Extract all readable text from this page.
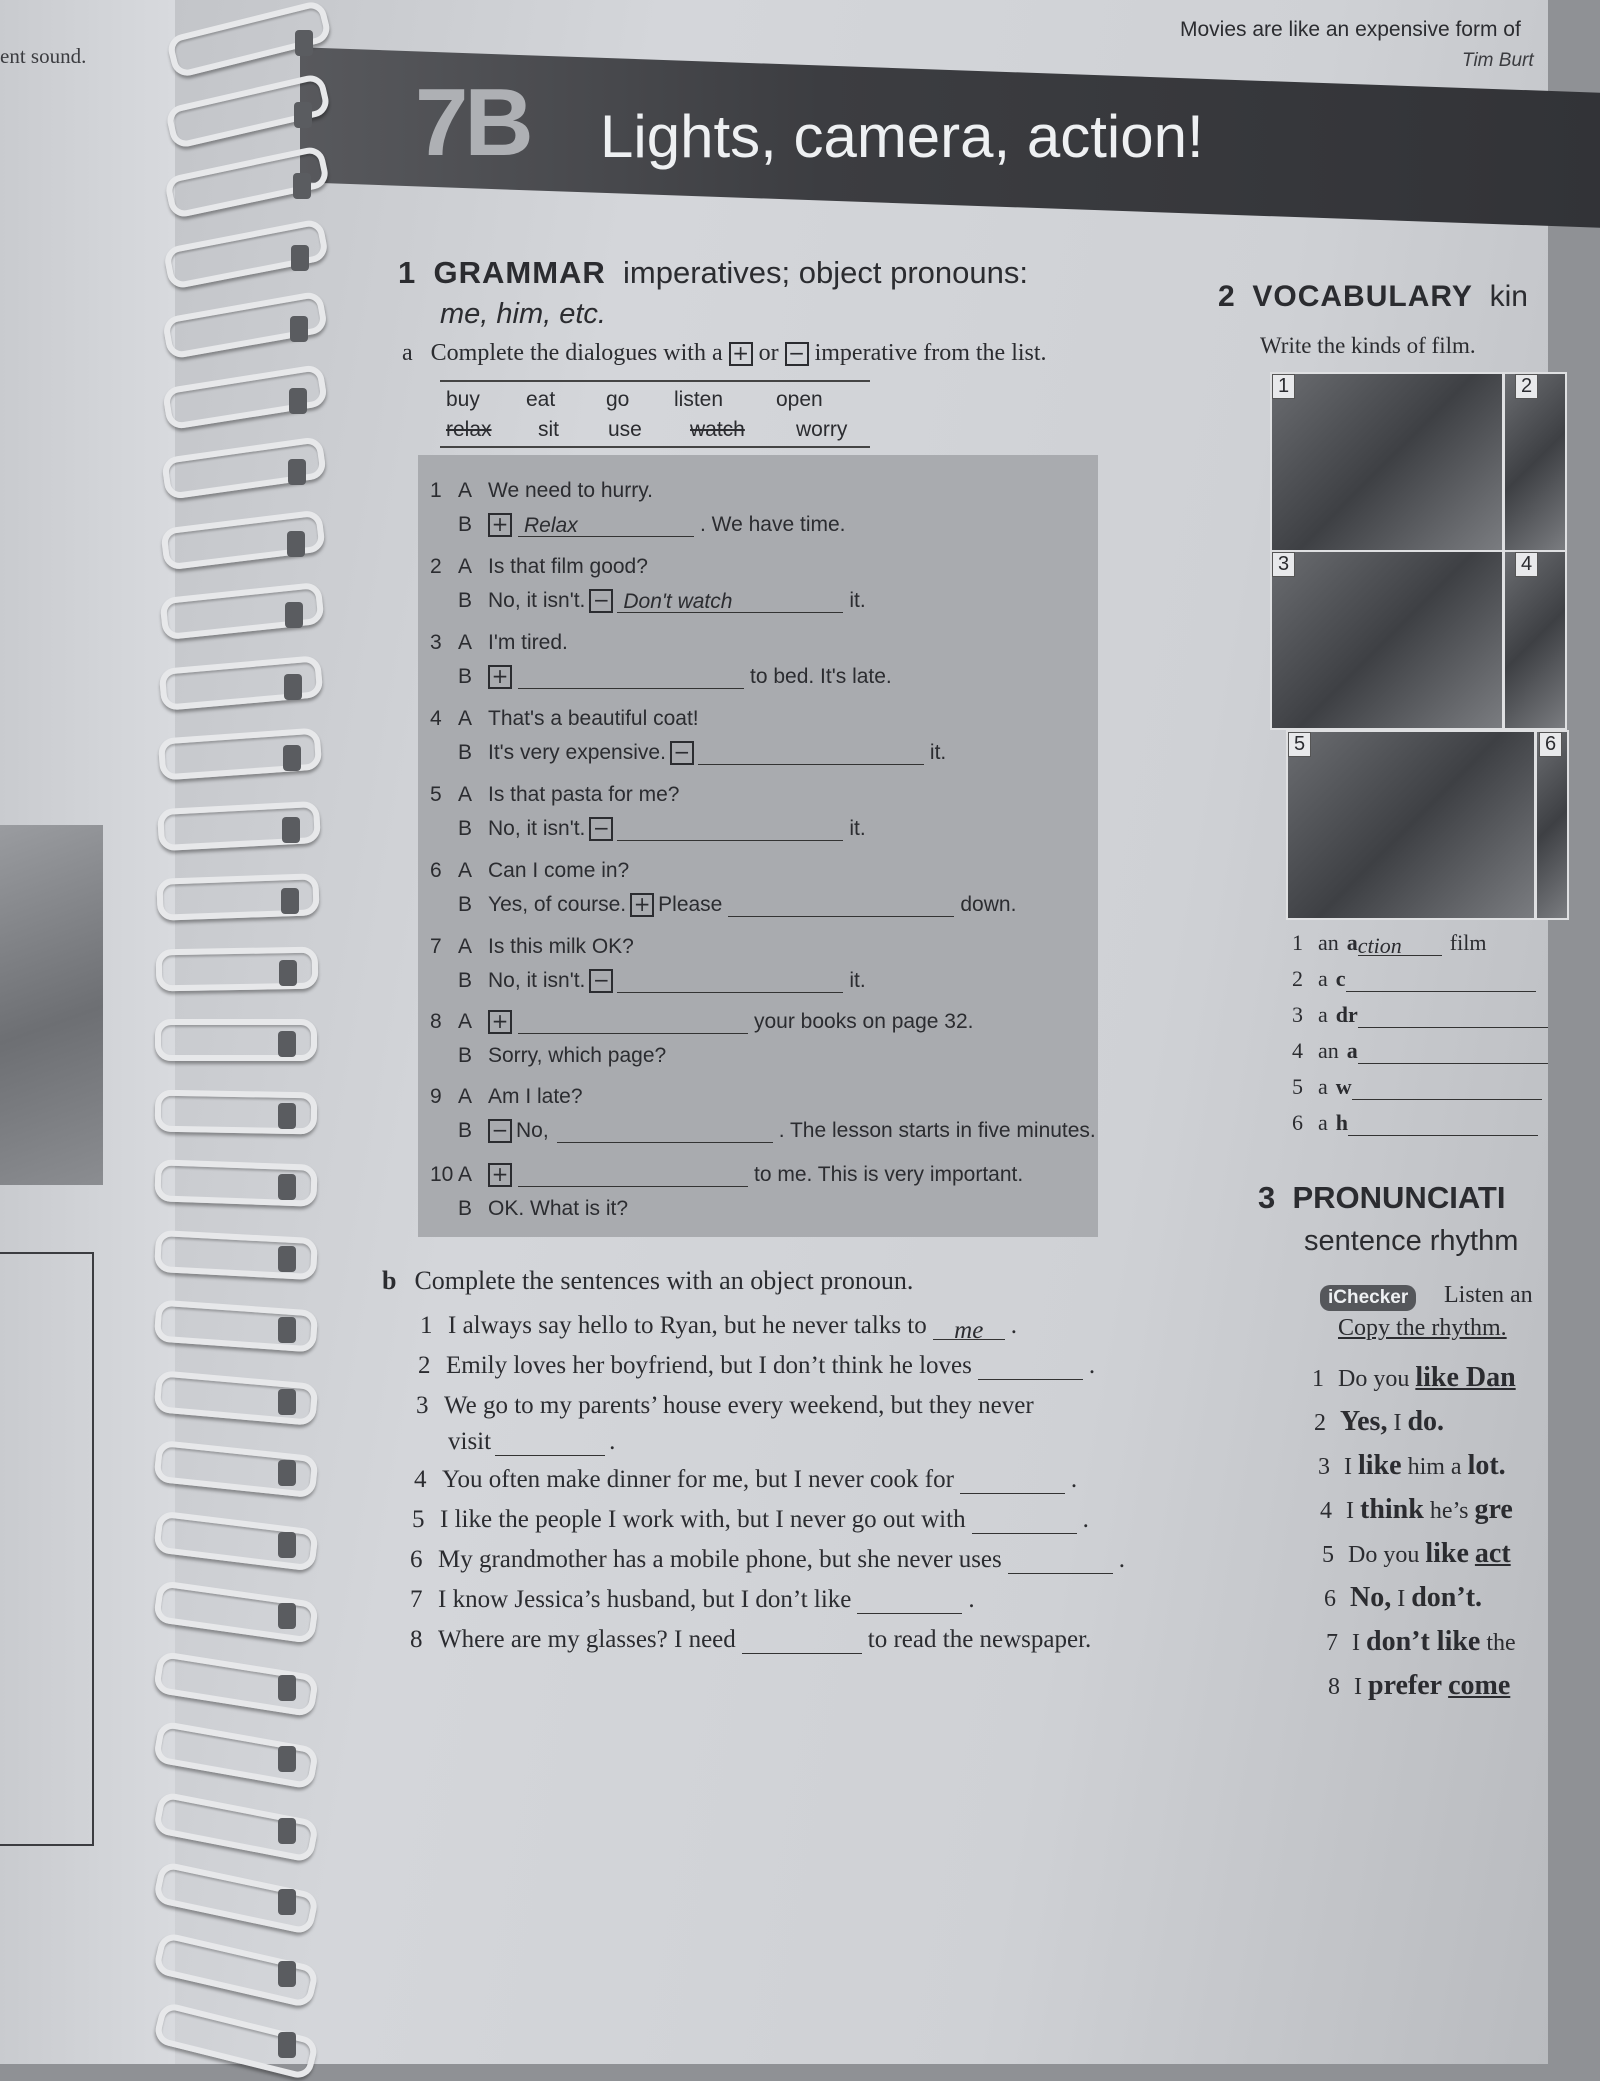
ent sound.
7B Lights, camera, action!
Movies are like an expensive form of
Tim Burt
1 GRAMMAR imperatives; object pronouns:
me, him, etc.
a Complete the dialogues with a + or − imperative from the list.
buy eat go listen	open
relax sit use watch worry
1 A We need to hurry.
B + Relax	. We have time.
2 A Is that film good?
B No, it isn't. − Don't watch	it.
3 A I'm tired.
B +	to bed. It's late.
4 A That's a beautiful coat!
B It's very expensive. −	it.
5 A Is that pasta for me?
B No, it isn't. −	it.
6 A Can I come in?
B Yes, of course. + Please	down.
7 A Is this milk OK?
B No, it isn't. −	it.
8 A +	your books on page 32.
B Sorry, which page?
9 A Am I late?
B − No,	. The lesson starts in five minutes.
10 A +	to me. This is very important.
B OK. What is it?
b Complete the sentences with an object pronoun.
1 I always say hello to Ryan, but he never talks to me .
2 Emily loves her boyfriend, but I don’t think he loves	.
3 We go to my parents’ house every weekend, but they never
visit	.
4 You often make dinner for me, but I never cook for	.
5 I like the people I work with, but I never go out with	.
6 My grandmother has a mobile phone, but she never uses	.
7 I know Jessica’s husband, but I don’t like	.
8 Where are my glasses? I need	to read the newspaper.
2 VOCABULARY kin
Write the kinds of film.
1	2
3	4
5	6
1 an action film
2 a c
3 a dr
4 an a
5 a w
6 a h
3 PRONUNCIATI
sentence rhythm
iChecker	Listen an
Copy the rhythm.
1 Do you like Dan
2 Yes, I do.
3 I like him a lot.
4 I think he’s gre
5 Do you like act
6 No, I don’t.
7 I don’t like the
8 I prefer come
